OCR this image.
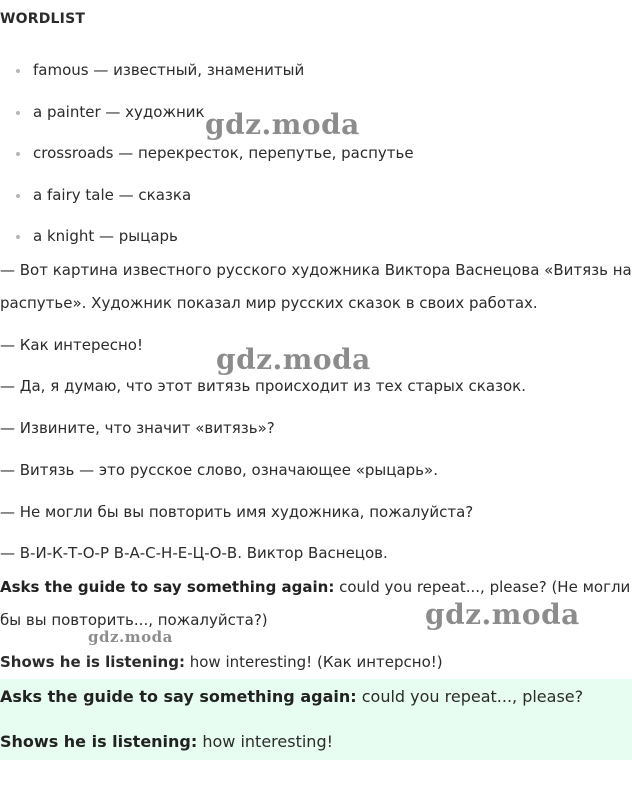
WORDLIST
famous — известный, знаменитый
a painter — художник
crossroads — перекресток, перепутье, распутье
a fairy tale — сказка
a knight — рыцарь
— Вот картина известного русского художника Виктора Васнецова «Витязь на распутье». Художник показал мир русских сказок в своих работах.
— Как интересно!
— Да, я думаю, что этот витязь происходит из тех старых сказок.
— Извините, что значит «витязь»?
— Витязь — это русское слово, означающее «рыцарь».
— Не могли бы вы повторить имя художника, пожалуйста?
— В-И-К-Т-О-Р В-А-С-Н-Е-Ц-О-В. Виктор Васнецов.
Asks the guide to say something again: could you repeat..., please? (Не могли бы вы повторить..., пожалуйста?)
Shows he is listening: how interesting! (Как интерсно!)
Asks the guide to say something again: could you repeat..., please?
Shows he is listening: how interesting!
gdz.moda
gdz.moda
gdz.moda
gdz.moda
